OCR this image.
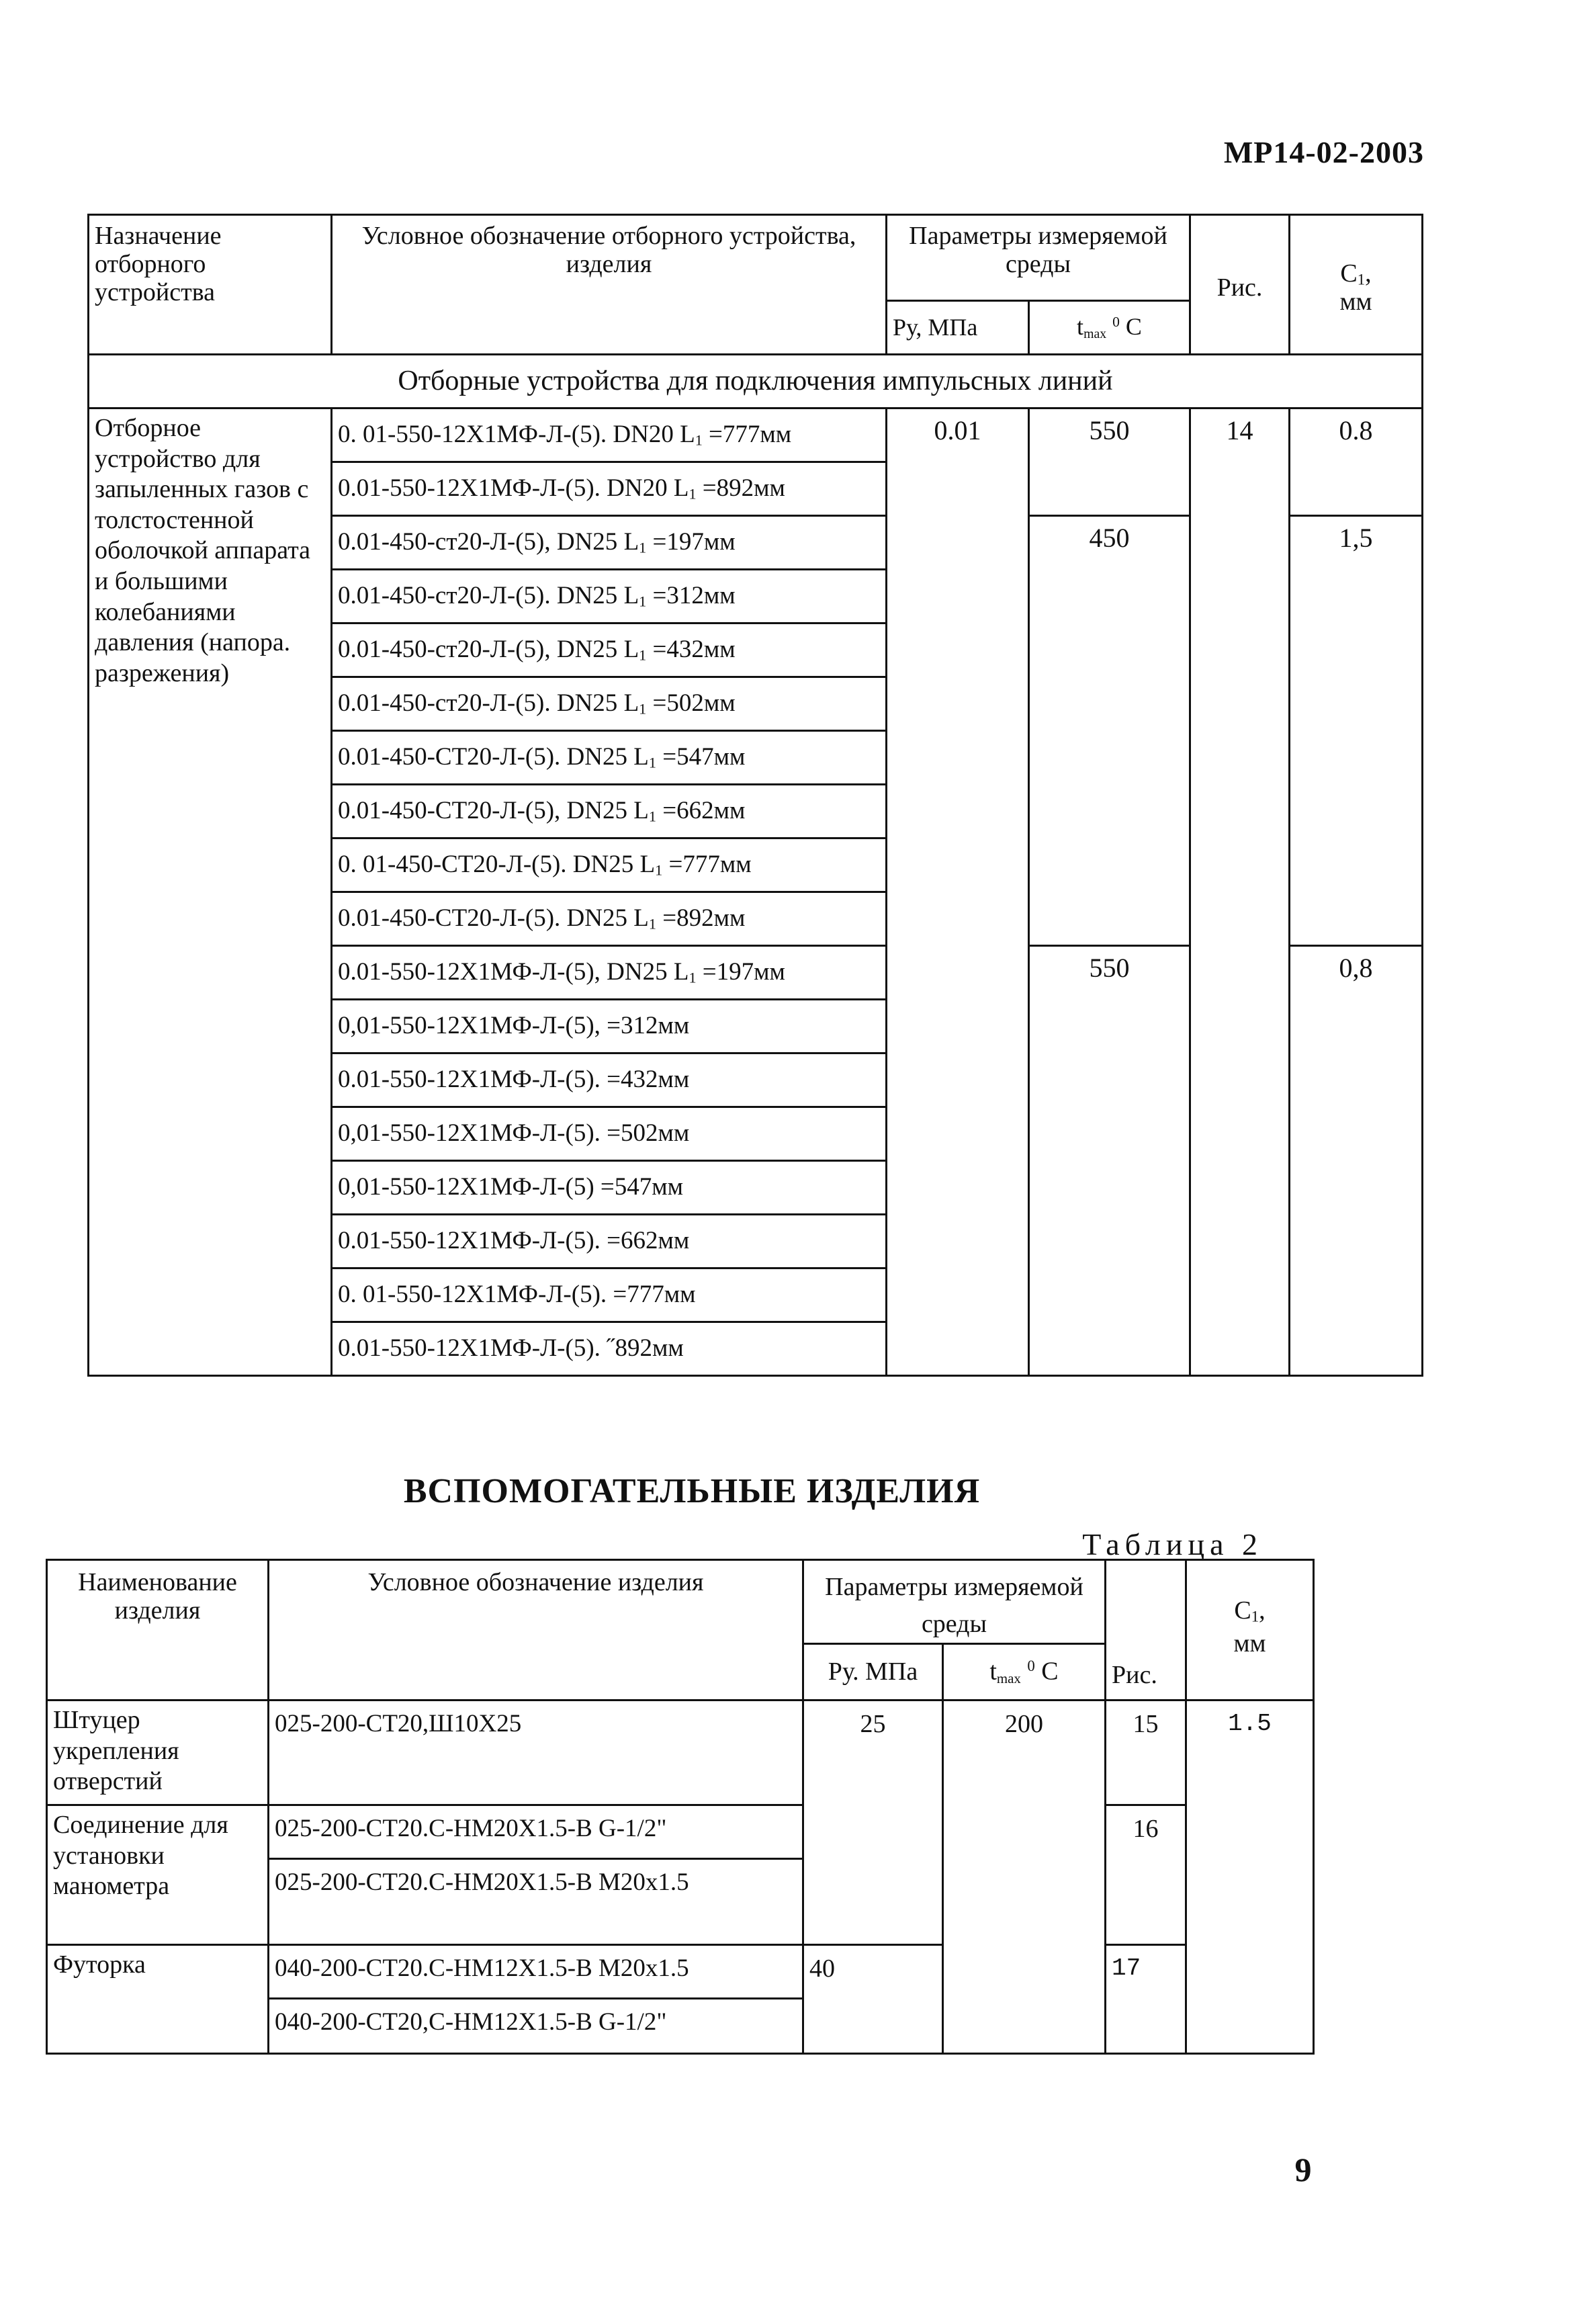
МР14-02-2003
Назначение отборного устройства	Условное обозначение отборного устройства, изделия	Параметры измеряемой среды		Рис.	C1,
мм
		Ру, МПа	tmax $^0$ C		
Отборные устройства для подключения импульсных линий					
Отборное устройство для запыленных газов с толстостенной оболочкой аппарата и большими колебаниями давления (напора. разрежения)	0. 01-550-12Х1МФ-Л-(5). DN20 L1 =777мм	0.01	550	14	0.8
	0.01-550-12Х1МФ-Л-(5). DN20 L1 =892мм				
	0.01-450-ст20-Л-(5), DN25 L1 =197мм		450		1,5
	0.01-450-ст20-Л-(5). DN25 L1 =312мм				
	0.01-450-ст20-Л-(5), DN25 L1 =432мм				
	0.01-450-ст20-Л-(5). DN25 L1 =502мм				
	0.01-450-СТ20-Л-(5). DN25 L1 =547мм				
	0.01-450-СТ20-Л-(5), DN25 L1 =662мм				
	0. 01-450-СТ20-Л-(5). DN25 L1 =777мм				
	0.01-450-СТ20-Л-(5). DN25 L1 =892мм				
	0.01-550-12Х1МФ-Л-(5), DN25 L1 =197мм		550		0,8
	0,01-550-12Х1МФ-Л-(5), =312мм				
	0.01-550-12Х1МФ-Л-(5). =432мм				
	0,01-550-12Х1МФ-Л-(5). =502мм				
	0,01-550-12Х1МФ-Л-(5) =547мм				
	0.01-550-12Х1МФ-Л-(5). =662мм				
	0. 01-550-12Х1МФ-Л-(5). =777мм				
	0.01-550-12Х1МФ-Л-(5). ˝892мм				
ВСПОМОГАТЕЛЬНЫЕ ИЗДЕЛИЯ
Таблица 2
Наименование изделия	Условное обозначение изделия	Параметры измеряемой среды		Рис.	C1,
мм
		Ру. МПа	tmax $^0$ C		
Штуцер укрепления отверстий	025-200-СТ20,Ш10Х25	25	200	15	1.5
Соединение для установки манометра	025-200-СТ20.С-НМ20Х1.5-В G-1/2"			16	
	025-200-СТ20.С-НМ20Х1.5-В М20х1.5				
Футорка	040-200-СТ20.С-НМ12Х1.5-В М20х1.5	40		17	
	040-200-СТ20,С-НМ12Х1.5-В G-1/2"				
9
